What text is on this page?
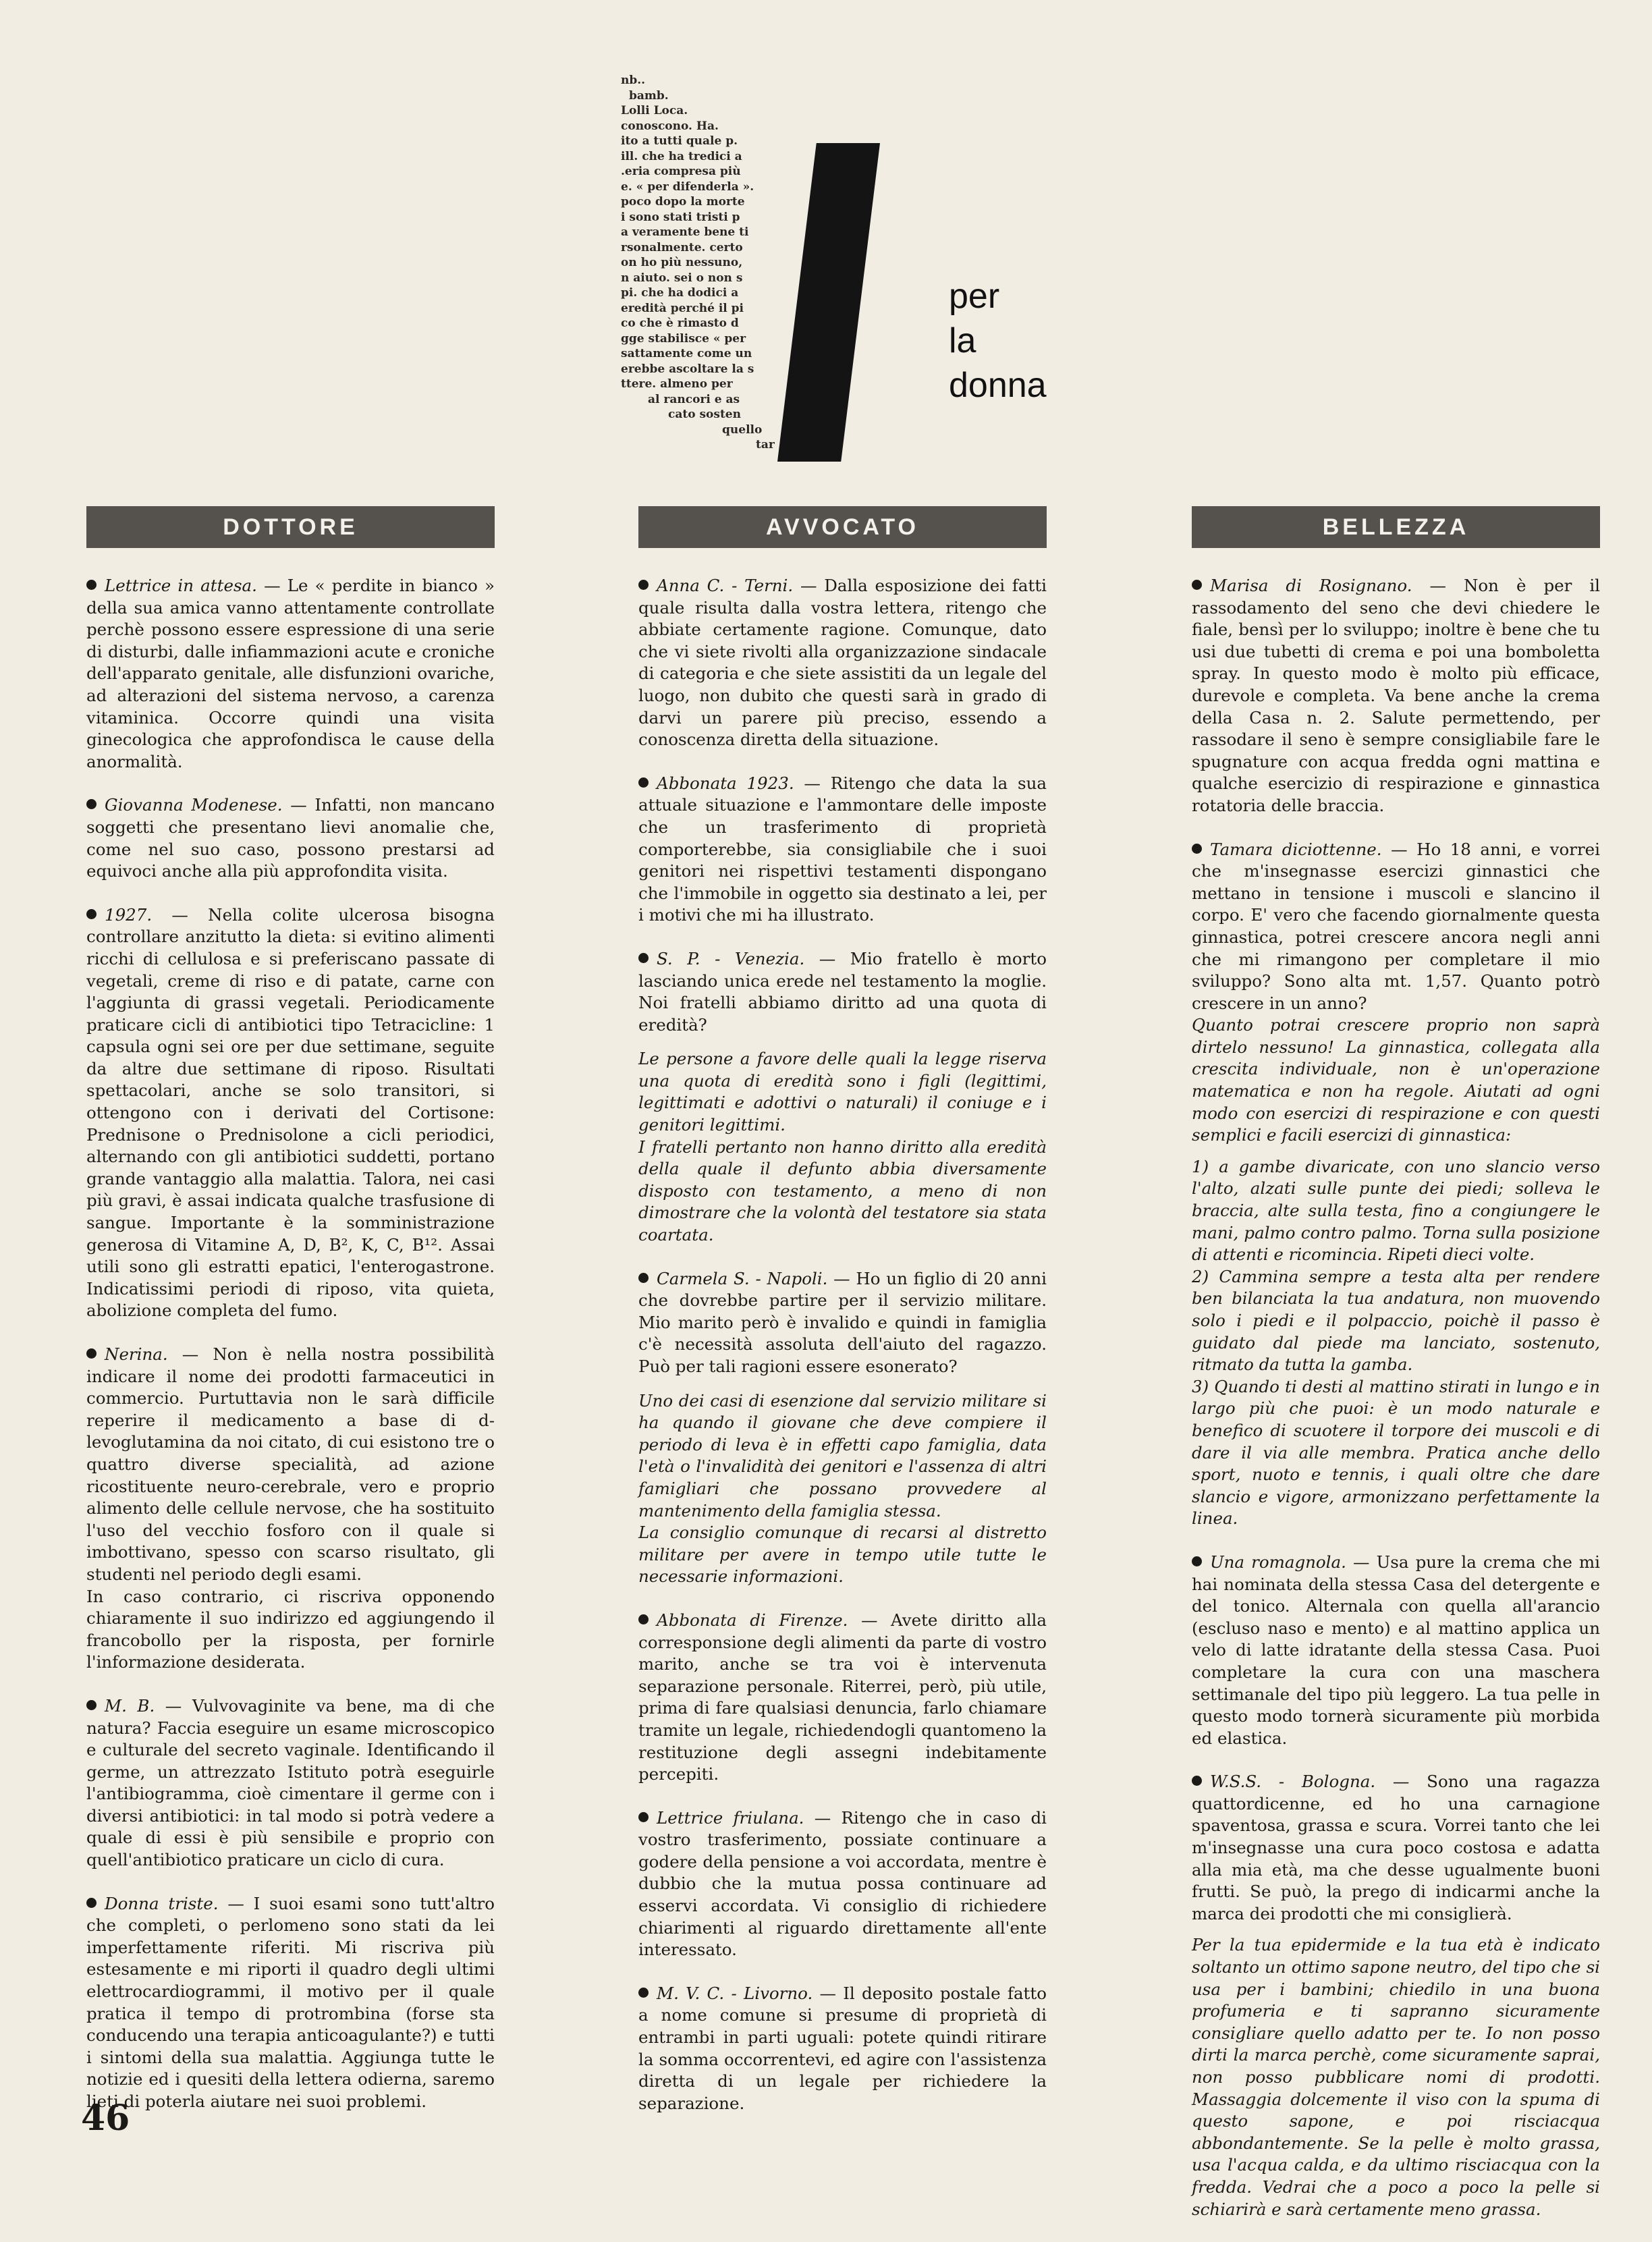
nb..
bamb.
Lolli Loca.
conoscono. Ha.
ito a tutti quale p.
ill. che ha tredici a
.eria compresa più
e. « per difenderla ».
poco dopo la morte
i sono stati tristi p
a veramente bene ti
rsonalmente. certo
on ho più nessuno,
n aiuto. sei o non s
pi. che ha dodici a
eredità perché il pi
co che è rimasto d
gge stabilisce « per
sattamente come un
erebbe ascoltare la s
ttere. almeno per
al rancori e as
cato sosten
quello
tar
noi donne per
la
donna
DOTTORE

Lettrice in attesa. — Le « perdite in bianco » della sua amica vanno attentamente controllate perchè possono essere espressione di una serie di disturbi, dalle infiammazioni acute e croniche dell'apparato genitale, alle disfunzioni ovariche, ad alterazioni del sistema nervoso, a carenza vitaminica. Occorre quindi una visita ginecologica che approfondisca le cause della anormalità.

Giovanna Modenese. — Infatti, non mancano soggetti che presentano lievi anomalie che, come nel suo caso, possono prestarsi ad equivoci anche alla più approfondita visita.

1927. — Nella colite ulcerosa bisogna controllare anzitutto la dieta: si evitino alimenti ricchi di cellulosa e si preferiscano passate di vegetali, creme di riso e di patate, carne con l'aggiunta di grassi vegetali. Periodicamente praticare cicli di antibiotici tipo Tetracicline: 1 capsula ogni sei ore per due settimane, seguite da altre due settimane di riposo. Risultati spettacolari, anche se solo transitori, si ottengono con i derivati del Cortisone: Prednisone o Prednisolone a cicli periodici, alternando con gli antibiotici suddetti, portano grande vantaggio alla malattia. Talora, nei casi più gravi, è assai indicata qualche trasfusione di sangue. Importante è la somministrazione generosa di Vitamine A, D, B², K, C, B¹². Assai utili sono gli estratti epatici, l'enterogastrone. Indicatissimi periodi di riposo, vita quieta, abolizione completa del fumo.

Nerina. — Non è nella nostra possibilità indicare il nome dei prodotti farmaceutici in commercio. Purtuttavia non le sarà difficile reperire il medicamento a base di d-levoglutamina da noi citato, di cui esistono tre o quattro diverse specialità, ad azione ricostituente neuro-cerebrale, vero e proprio alimento delle cellule nervose, che ha sostituito l'uso del vecchio fosforo con il quale si imbottivano, spesso con scarso risultato, gli studenti nel periodo degli esami.

In caso contrario, ci riscriva opponendo chiaramente il suo indirizzo ed aggiungendo il francobollo per la risposta, per fornirle l'informazione desiderata.

M. B. — Vulvovaginite va bene, ma di che natura? Faccia eseguire un esame microscopico e culturale del secreto vaginale. Identificando il germe, un attrezzato Istituto potrà eseguirle l'antibiogramma, cioè cimentare il germe con i diversi antibiotici: in tal modo si potrà vedere a quale di essi è più sensibile e proprio con quell'antibiotico praticare un ciclo di cura.

Donna triste. — I suoi esami sono tutt'altro che completi, o perlomeno sono stati da lei imperfettamente riferiti. Mi riscriva più estesamente e mi riporti il quadro degli ultimi elettrocardiogrammi, il motivo per il quale pratica il tempo di protrombina (forse sta conducendo una terapia anticoagulante?) e tutti i sintomi della sua malattia. Aggiunga tutte le notizie ed i quesiti della lettera odierna, saremo lieti di poterla aiutare nei suoi problemi.

AVVOCATO

Anna C. - Terni. — Dalla esposizione dei fatti quale risulta dalla vostra lettera, ritengo che abbiate certamente ragione. Comunque, dato che vi siete rivolti alla organizzazione sindacale di categoria e che siete assistiti da un legale del luogo, non dubito che questi sarà in grado di darvi un parere più preciso, essendo a conoscenza diretta della situazione.

Abbonata 1923. — Ritengo che data la sua attuale situazione e l'ammontare delle imposte che un trasferimento di proprietà comporterebbe, sia consigliabile che i suoi genitori nei rispettivi testamenti dispongano che l'immobile in oggetto sia destinato a lei, per i motivi che mi ha illustrato.

S. P. - Venezia. — Mio fratello è morto lasciando unica erede nel testamento la moglie. Noi fratelli abbiamo diritto ad una quota di eredità?

Le persone a favore delle quali la legge riserva una quota di eredità sono i figli (legittimi, legittimati e adottivi o naturali) il coniuge e i genitori legittimi.

I fratelli pertanto non hanno diritto alla eredità della quale il defunto abbia diversamente disposto con testamento, a meno di non dimostrare che la volontà del testatore sia stata coartata.

Carmela S. - Napoli. — Ho un figlio di 20 anni che dovrebbe partire per il servizio militare. Mio marito però è invalido e quindi in famiglia c'è necessità assoluta dell'aiuto del ragazzo. Può per tali ragioni essere esonerato?

Uno dei casi di esenzione dal servizio militare si ha quando il giovane che deve compiere il periodo di leva è in effetti capo famiglia, data l'età o l'invalidità dei genitori e l'assenza di altri famigliari che possano provvedere al mantenimento della famiglia stessa.

La consiglio comunque di recarsi al distretto militare per avere in tempo utile tutte le necessarie informazioni.

Abbonata di Firenze. — Avete diritto alla corresponsione degli alimenti da parte di vostro marito, anche se tra voi è intervenuta separazione personale. Riterrei, però, più utile, prima di fare qualsiasi denuncia, farlo chiamare tramite un legale, richiedendogli quantomeno la restituzione degli assegni indebitamente percepiti.

Lettrice friulana. — Ritengo che in caso di vostro trasferimento, possiate continuare a godere della pensione a voi accordata, mentre è dubbio che la mutua possa continuare ad esservi accordata. Vi consiglio di richiedere chiarimenti al riguardo direttamente all'ente interessato.

M. V. C. - Livorno. — Il deposito postale fatto a nome comune si presume di proprietà di entrambi in parti uguali: potete quindi ritirare la somma occorrentevi, ed agire con l'assistenza diretta di un legale per richiedere la separazione.

BELLEZZA

Marisa di Rosignano. — Non è per il rassodamento del seno che devi chiedere le fiale, bensì per lo sviluppo; inoltre è bene che tu usi due tubetti di crema e poi una bomboletta spray. In questo modo è molto più efficace, durevole e completa. Va bene anche la crema della Casa n. 2. Salute permettendo, per rassodare il seno è sempre consigliabile fare le spugnature con acqua fredda ogni mattina e qualche esercizio di respirazione e ginnastica rotatoria delle braccia.

Tamara diciottenne. — Ho 18 anni, e vorrei che m'insegnasse esercizi ginnastici che mettano in tensione i muscoli e slancino il corpo. E' vero che facendo giornalmente questa ginnastica, potrei crescere ancora negli anni che mi rimangono per completare il mio sviluppo? Sono alta mt. 1,57. Quanto potrò crescere in un anno?

Quanto potrai crescere proprio non saprà dirtelo nessuno! La ginnastica, collegata alla crescita individuale, non è un'operazione matematica e non ha regole. Aiutati ad ogni modo con esercizi di respirazione e con questi semplici e facili esercizi di ginnastica:

1) a gambe divaricate, con uno slancio verso l'alto, alzati sulle punte dei piedi; solleva le braccia, alte sulla testa, fino a congiungere le mani, palmo contro palmo. Torna sulla posizione di attenti e ricomincia. Ripeti dieci volte.

2) Cammina sempre a testa alta per rendere ben bilanciata la tua andatura, non muovendo solo i piedi e il polpaccio, poichè il passo è guidato dal piede ma lanciato, sostenuto, ritmato da tutta la gamba.

3) Quando ti desti al mattino stirati in lungo e in largo più che puoi: è un modo naturale e benefico di scuotere il torpore dei muscoli e di dare il via alle membra. Pratica anche dello sport, nuoto e tennis, i quali oltre che dare slancio e vigore, armonizzano perfettamente la linea.

Una romagnola. — Usa pure la crema che mi hai nominata della stessa Casa del detergente e del tonico. Alternala con quella all'arancio (escluso naso e mento) e al mattino applica un velo di latte idratante della stessa Casa. Puoi completare la cura con una maschera settimanale del tipo più leggero. La tua pelle in questo modo tornerà sicuramente più morbida ed elastica.

W.S.S. - Bologna. — Sono una ragazza quattordicenne, ed ho una carnagione spaventosa, grassa e scura. Vorrei tanto che lei m'insegnasse una cura poco costosa e adatta alla mia età, ma che desse ugualmente buoni frutti. Se può, la prego di indicarmi anche la marca dei prodotti che mi consiglierà.

Per la tua epidermide e la tua età è indicato soltanto un ottimo sapone neutro, del tipo che si usa per i bambini; chiedilo in una buona profumeria e ti sapranno sicuramente consigliare quello adatto per te. Io non posso dirti la marca perchè, come sicuramente saprai, non posso pubblicare nomi di prodotti. Massaggia dolcemente il viso con la spuma di questo sapone, e poi risciacqua abbondantemente. Se la pelle è molto grassa, usa l'acqua calda, e da ultimo risciacqua con la fredda. Vedrai che a poco a poco la pelle si schiarirà e sarà certamente meno grassa.

46
